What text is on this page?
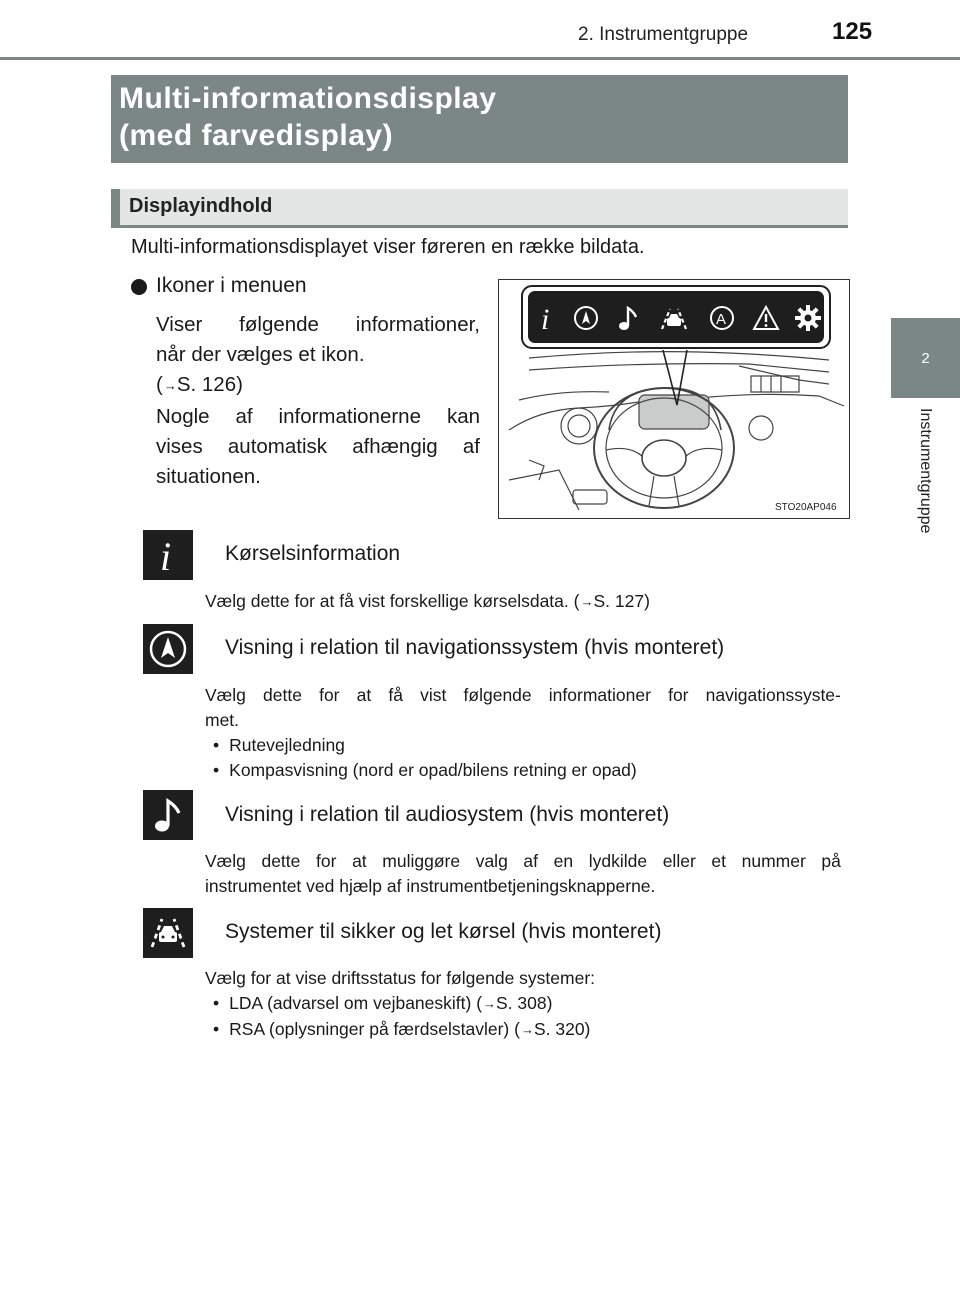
2. Instrumentgruppe	125
2
Instrumentgruppe
Multi-informationsdisplay
(med farvedisplay)
Displayindhold
Multi-informationsdisplayet viser føreren en række bildata.
Ikoner i menuen
Viser følgende informationer,
når der vælges et ikon.
(→S. 126)
Nogle af informationerne kan
vises automatisk afhængig af
situationen.
i	A
STO20AP046
i	Kørselsinformation
Vælg dette for at få vist forskellige kørselsdata. (→S. 127)
Visning i relation til navigationssystem (hvis monteret)
Vælg dette for at få vist følgende informationer for navigationssyste-
met.
• Rutevejledning
• Kompasvisning (nord er opad/bilens retning er opad)
Visning i relation til audiosystem (hvis monteret)
Vælg dette for at muliggøre valg af en lydkilde eller et nummer på
instrumentet ved hjælp af instrumentbetjeningsknapperne.
Systemer til sikker og let kørsel (hvis monteret)
Vælg for at vise driftsstatus for følgende systemer:
• LDA (advarsel om vejbaneskift) (→S. 308)
• RSA (oplysninger på færdselstavler) (→S. 320)
